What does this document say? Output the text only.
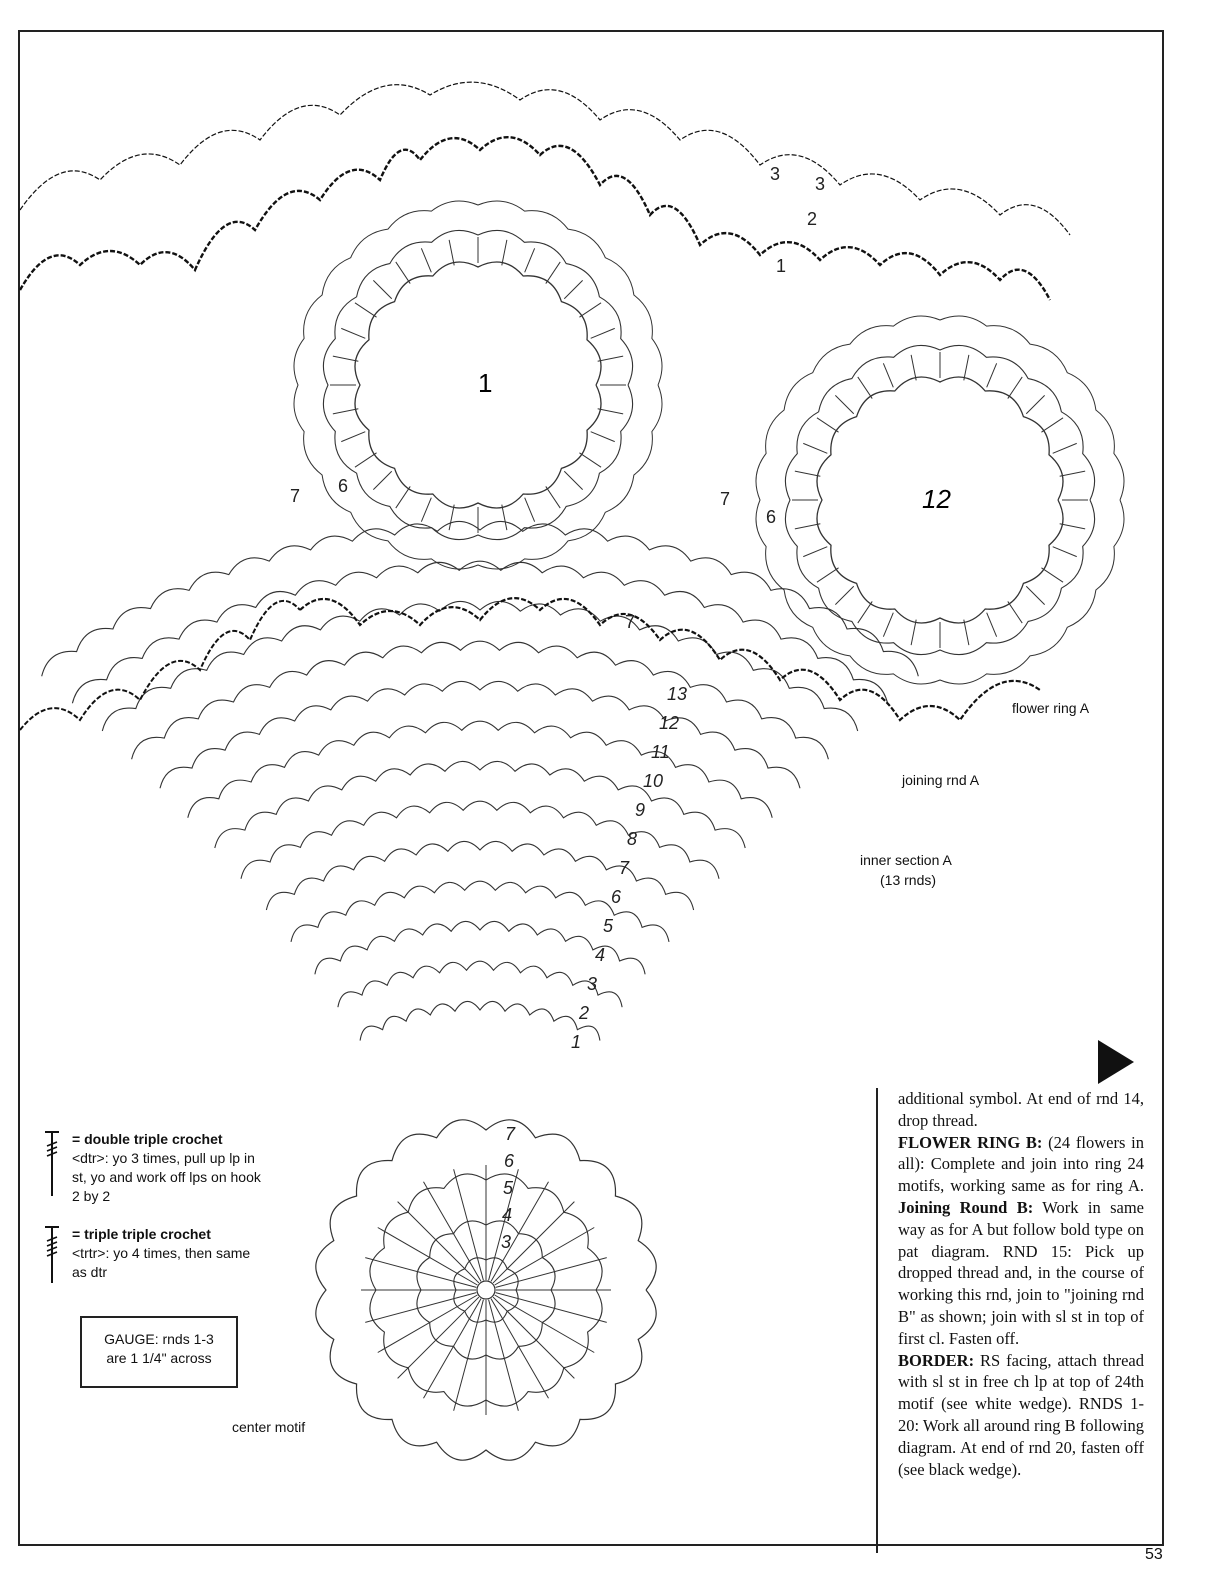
1
12
13
12
11
10
9
8
7
6
5
4
3
2
1
7
6
5
4
3
7 6
7
6
7
3 3
2
1
flower ring A
joining rnd A
inner section A
(13 rnds)
center motif
= double triple crochet
<dtr>: yo 3 times, pull up lp in st, yo and work off lps on hook 2 by 2
= triple triple crochet
<trtr>: yo 4 times, then same as dtr
GAUGE: rnds 1-3
are 1 1/4" across

additional symbol. At end of rnd 14, drop thread.

FLOWER RING B: (24 flowers in all): Complete and join into ring 24 motifs, working same as for ring A. Joining Round B: Work in same way as for A but follow bold type on pat diagram. RND 15: Pick up dropped thread and, in the course of working this rnd, join to "joining rnd B" as shown; join with sl st in top of first cl. Fasten off.

BORDER: RS facing, attach thread with sl st in free ch lp at top of 24th motif (see white wedge). RNDS 1-20: Work all around ring B following diagram. At end of rnd 20, fasten off (see black wedge).

53
